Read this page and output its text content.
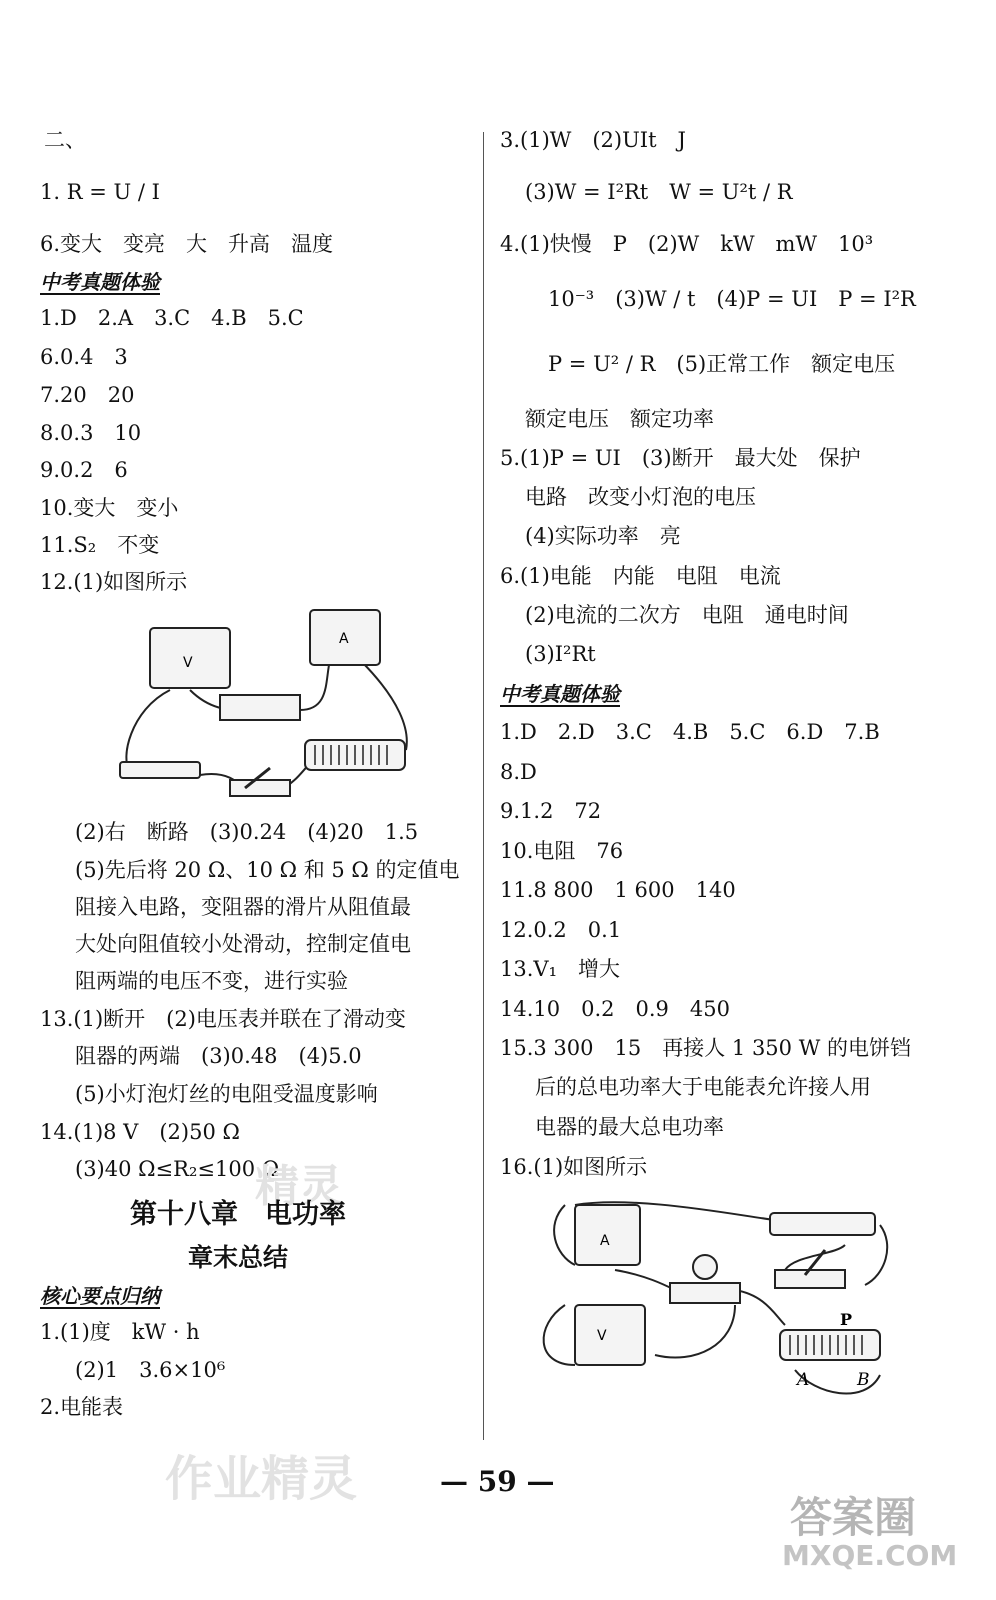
二、
1. R = U / I
6.变大　变亮　大　升高　温度
中考真题体验
1.D　2.A　3.C　4.B　5.C
6.0.4　3
7.20　20
8.0.3　10
9.0.2　6
10.变大　变小
11.S₂　不变
12.(1)如图所示
V
A
(2)右　断路　(3)0.24　(4)20　1.5
(5)先后将 20 Ω、10 Ω 和 5 Ω 的定值电
阻接入电路，变阻器的滑片从阻值最
大处向阻值较小处滑动，控制定值电
阻两端的电压不变，进行实验
13.(1)断开　(2)电压表并联在了滑动变
阻器的两端　(3)0.48　(4)5.0
(5)小灯泡灯丝的电阻受温度影响
14.(1)8 V　(2)50 Ω
(3)40 Ω≤R₂≤100 Ω
精灵
第十八章　电功率
章末总结
核心要点归纳
1.(1)度　kW · h
(2)1　3.6×10⁶
2.电能表
3.(1)W　(2)UIt　J
(3)W = I²Rt　W = U²t / R
4.(1)快慢　P　(2)W　kW　mW　10³
10⁻³　(3)W / t　(4)P = UI　P = I²R
P = U² / R　(5)正常工作　额定电压
额定电压　额定功率
5.(1)P = UI　(3)断开　最大处　保护
电路　改变小灯泡的电压
(4)实际功率　亮
6.(1)电能　内能　电阻　电流
(2)电流的二次方　电阻　通电时间
(3)I²Rt
中考真题体验
1.D　2.D　3.C　4.B　5.C　6.D　7.B
8.D
9.1.2　72
10.电阻　76
11.8 800　1 600　140
12.0.2　0.1
13.V₁　增大
14.10　0.2　0.9　450
15.3 300　15　再接人 1 350 W 的电饼铛
后的总电功率大于电能表允许接人用
电器的最大总电功率
16.(1)如图所示
A
V
P
A	B
— 59 —
作业精灵
答案圈
MXQE.COM
